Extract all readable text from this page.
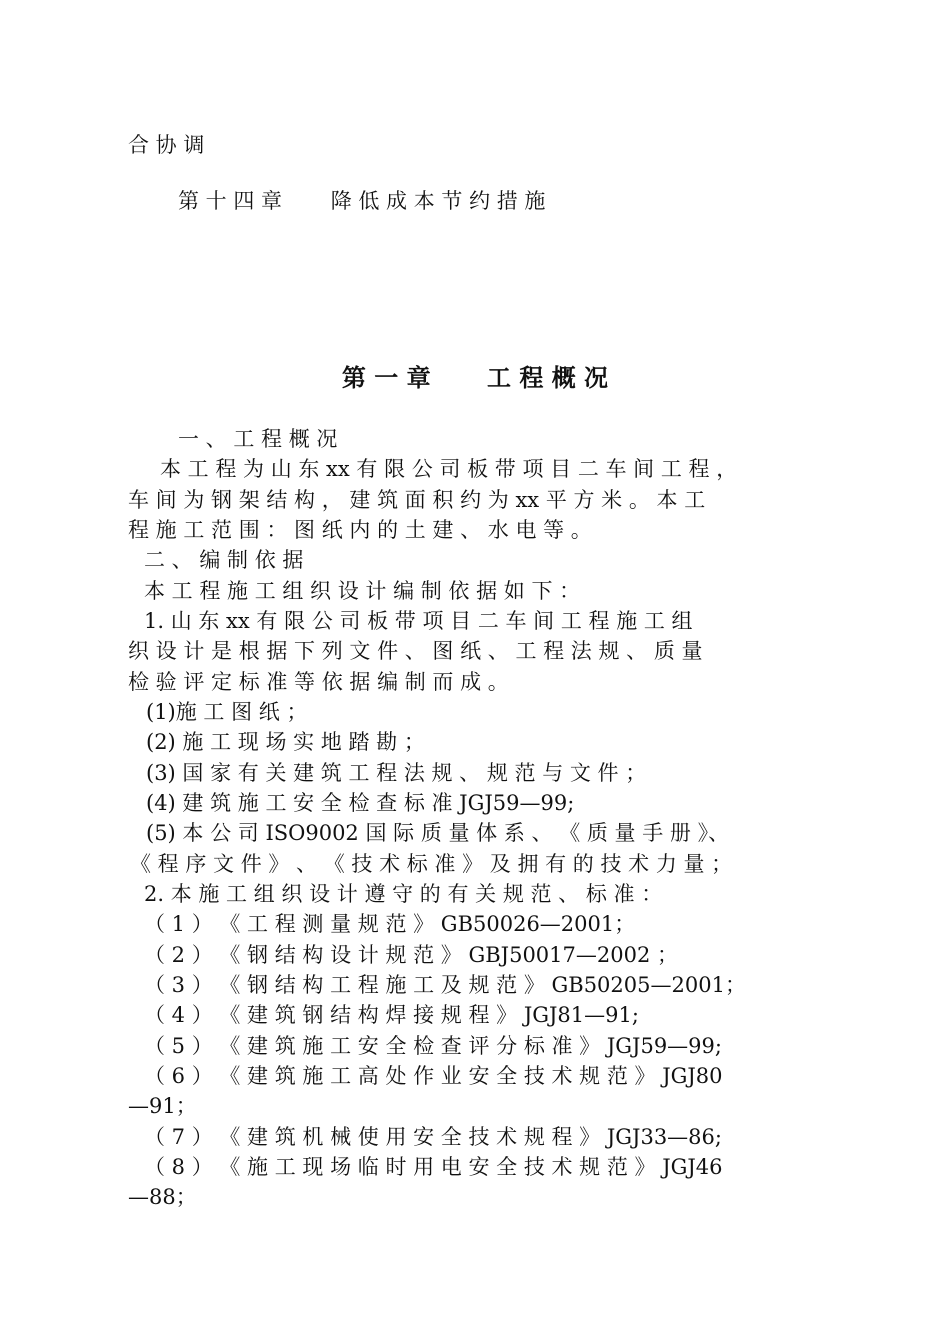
合 协 调
第 十 四 章　　 降 低 成 本 节 约 措 施
第 一 章　　 工 程 概 况
一 、 工 程 概 况
本 工 程 为 山 东 xx 有 限 公 司 板 带 项 目 二 车 间 工 程 ，
车 间 为 钢 架 结 构 ， 建 筑 面 积 约 为 xx 平 方 米 。 本 工
程 施 工 范 围 ： 图 纸 内 的 土 建 、 水 电 等 。
二 、 编 制 依 据
本 工 程 施 工 组 织 设 计 编 制 依 据 如 下 ：
1. 山 东 xx 有 限 公 司 板 带 项 目 二 车 间 工 程 施 工 组
织 设 计 是 根 据 下 列 文 件 、 图 纸 、 工 程 法 规 、 质 量
检 验 评 定 标 准 等 依 据 编 制 而 成 。
(1)施 工 图 纸 ；
(2) 施 工 现 场 实 地 踏 勘 ；
(3) 国 家 有 关 建 筑 工 程 法 规 、 规 范 与 文 件 ；
(4) 建 筑 施 工 安 全 检 查 标 准 JGJ59—99;
(5) 本 公 司 ISO9002 国 际 质 量 体 系 、 《 质 量 手 册 》、
《 程 序 文 件 》 、 《 技 术 标 准 》 及 拥 有 的 技 术 力 量 ；
2. 本 施 工 组 织 设 计 遵 守 的 有 关 规 范 、 标 准 ：
（ 1 ） 《 工 程 测 量 规 范 》 GB50026—2001；
（ 2 ） 《 钢 结 构 设 计 规 范 》 GBJ50017—2002 ；
（ 3 ） 《 钢 结 构 工 程 施 工 及 规 范 》 GB50205—2001；
（ 4 ） 《 建 筑 钢 结 构 焊 接 规 程 》 JGJ81—91;
（ 5 ） 《 建 筑 施 工 安 全 检 查 评 分 标 准 》 JGJ59—99;
（ 6 ） 《 建 筑 施 工 高 处 作 业 安 全 技 术 规 范 》 JGJ80
—91；
（ 7 ） 《 建 筑 机 械 使 用 安 全 技 术 规 程 》 JGJ33—86;
（ 8 ） 《 施 工 现 场 临 时 用 电 安 全 技 术 规 范 》 JGJ46
—88；
